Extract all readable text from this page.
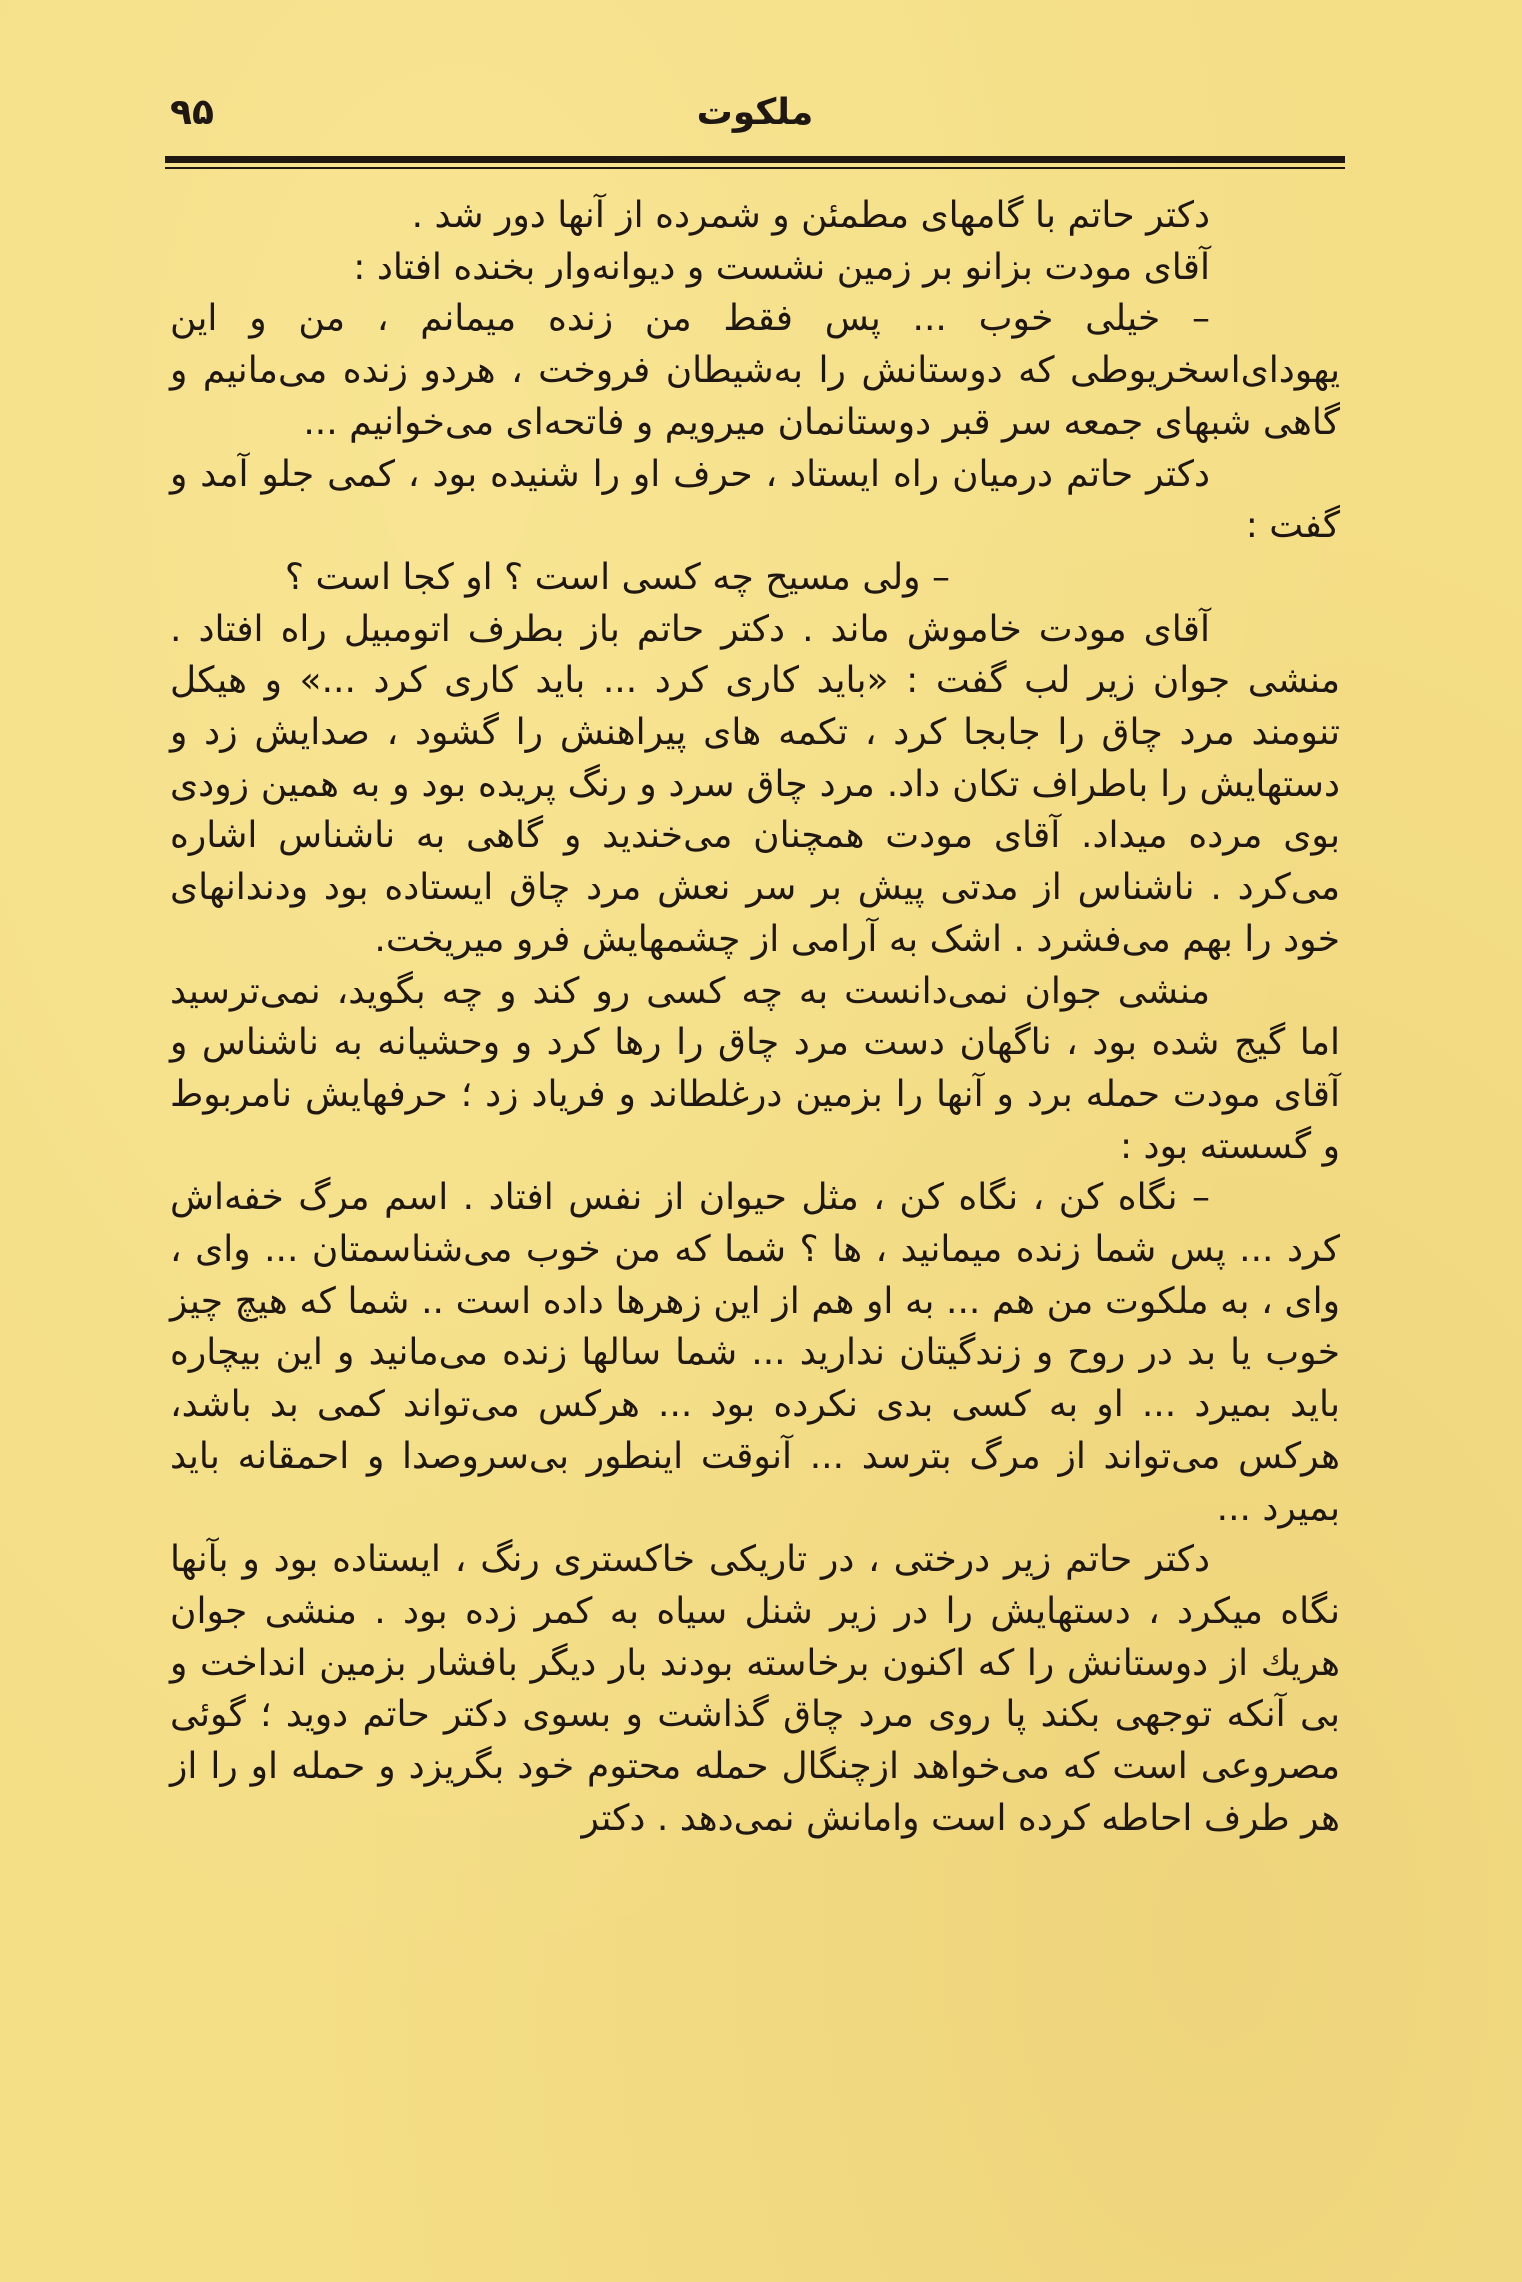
۹۵	ملکوت

دکتر حاتم با گامهای مطمئن و شمرده از آنها دور شد .

آقای مودت بزانو بر زمین نشست و دیوانه‌وار بخنده افتاد :

– خیلی خوب ... پس فقط من زنده میمانم ، من و این یهودای‌اسخریوطی که دوستانش را به‌شیطان فروخت ، هردو زنده می‌مانیم و گاهی شبهای جمعه سر قبر دوستانمان میرویم و فاتحه‌ای می‌خوانیم ...

دکتر حاتم درمیان راه ایستاد ، حرف او را شنیده بود ، کمی جلو آمد و گفت :

– ولی مسیح چه کسی است ؟ او کجا است ؟

آقای مودت خاموش ماند . دکتر حاتم باز بطرف اتومبیل راه افتاد . منشی جوان زیر لب گفت : «باید کاری کرد ... باید کاری کرد ...» و هیکل تنومند مرد چاق را جابجا کرد ، تکمه های پیراهنش را گشود ، صدایش زد و دستهایش را باطراف تکان داد. مرد چاق سرد و رنگ پریده بود و به همین زودی بوی مرده میداد. آقای مودت همچنان می‌خندید و گاهی به ناشناس اشاره می‌کرد . ناشناس از مدتی پیش بر سر نعش مرد چاق ایستاده بود ودندانهای خود را بهم می‌فشرد . اشک به آرامی از چشمهایش فرو میریخت.

منشی جوان نمی‌دانست به چه کسی رو کند و چه بگوید، نمی‌ترسید اما گیج شده بود ، ناگهان دست مرد چاق را رها کرد و وحشیانه به ناشناس و آقای مودت حمله برد و آنها را بزمین درغلطاند و فریاد زد ؛ حرفهایش نامربوط و گسسته بود :

– نگاه کن ، نگاه کن ، مثل حیوان از نفس افتاد . اسم مرگ خفه‌اش کرد ... پس شما زنده میمانید ، ها ؟ شما که من خوب می‌شناسمتان ... وای ، وای ، به ملکوت من هم ... به او هم از این زهرها داده است .. شما که هیچ چیز خوب یا بد در روح و زندگیتان ندارید ... شما سالها زنده می‌مانید و این بیچاره باید بمیرد ... او به کسی بدی نکرده بود ... هرکس می‌تواند کمی بد باشد، هرکس می‌تواند از مرگ بترسد ... آنوقت اینطور بی‌سروصدا و احمقانه باید بمیرد ...

دکتر حاتم زیر درختی ، در تاریکی خاکستری رنگ ، ایستاده بود و بآنها نگاه میکرد ، دستهایش را در زیر شنل سیاه به کمر زده بود . منشی جوان هریك از دوستانش را که اکنون برخاسته بودند بار دیگر بافشار بزمین انداخت و بی آنکه توجهی بکند پا روی مرد چاق گذاشت و بسوی دکتر حاتم دوید ؛ گوئی مصروعی است که می‌خواهد ازچنگال حمله محتوم خود بگریزد و حمله او را از هر طرف احاطه کرده است وامانش نمی‌دهد . دکتر
